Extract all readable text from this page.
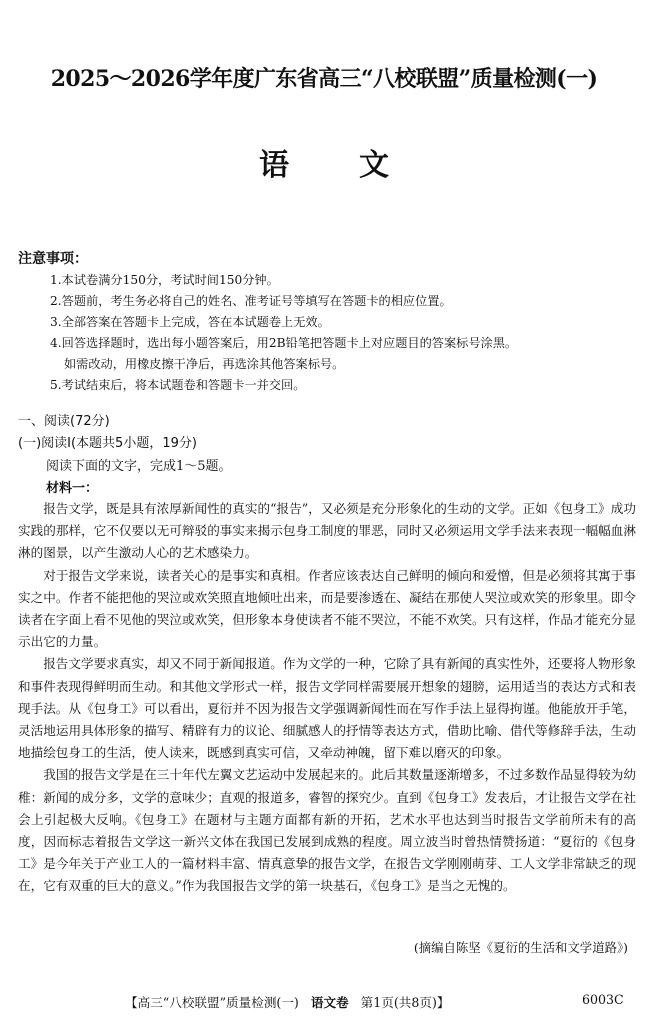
2025～2026学年度广东省高三“八校联盟”质量检测(一)
语文
注意事项：
1.本试卷满分150分，考试时间150分钟。
2.答题前，考生务必将自己的姓名、准考证号等填写在答题卡的相应位置。
3.全部答案在答题卡上完成，答在本试题卷上无效。
4.回答选择题时，选出每小题答案后，用2B铅笔把答题卡上对应题目的答案标号涂黑。
如需改动，用橡皮擦干净后，再选涂其他答案标号。
5.考试结束后，将本试题卷和答题卡一并交回。
一、阅读(72分)
(一)阅读Ⅰ(本题共5小题，19分)
阅读下面的文字，完成1～5题。
材料一：

报告文学，既是具有浓厚新闻性的真实的“报告”，又必须是充分形象化的生动的文学。正如《包身工》成功实践的那样，它不仅要以无可辩驳的事实来揭示包身工制度的罪恶，同时又必须运用文学手法来表现一幅幅血淋淋的图景，以产生激动人心的艺术感染力。

对于报告文学来说，读者关心的是事实和真相。作者应该表达自己鲜明的倾向和爱憎，但是必须将其寓于事实之中。作者不能把他的哭泣或欢笑照直地倾吐出来，而是要渗透在、凝结在那使人哭泣或欢笑的形象里。即令读者在字面上看不见他的哭泣或欢笑，但形象本身使读者不能不哭泣，不能不欢笑。只有这样，作品才能充分显示出它的力量。

报告文学要求真实，却又不同于新闻报道。作为文学的一种，它除了具有新闻的真实性外，还要将人物形象和事件表现得鲜明而生动。和其他文学形式一样，报告文学同样需要展开想象的翅膀，运用适当的表达方式和表现手法。从《包身工》可以看出，夏衍并不因为报告文学强调新闻性而在写作手法上显得拘谨。他能放开手笔，灵活地运用具体形象的描写、精辟有力的议论、细腻感人的抒情等表达方式，借助比喻、借代等修辞手法，生动地描绘包身工的生活，使人读来，既感到真实可信，又牵动神魄，留下难以磨灭的印象。

我国的报告文学是在三十年代左翼文艺运动中发展起来的。此后其数量逐渐增多，不过多数作品显得较为幼稚：新闻的成分多，文学的意味少；直观的报道多，睿智的探究少。直到《包身工》发表后，才让报告文学在社会上引起极大反响。《包身工》在题材与主题方面都有新的开拓，艺术水平也达到当时报告文学前所未有的高度，因而标志着报告文学这一新兴文体在我国已发展到成熟的程度。周立波当时曾热情赞扬道：“夏衍的《包身工》是今年关于产业工人的一篇材料丰富、情真意挚的报告文学，在报告文学刚刚萌芽、工人文学非常缺乏的现在，它有双重的巨大的意义。”作为我国报告文学的第一块基石，《包身工》是当之无愧的。

(摘编自陈坚《夏衍的生活和文学道路》)
【高三“八校联盟”质量检测(一) 语文卷 第1页(共8页)】	6003C
